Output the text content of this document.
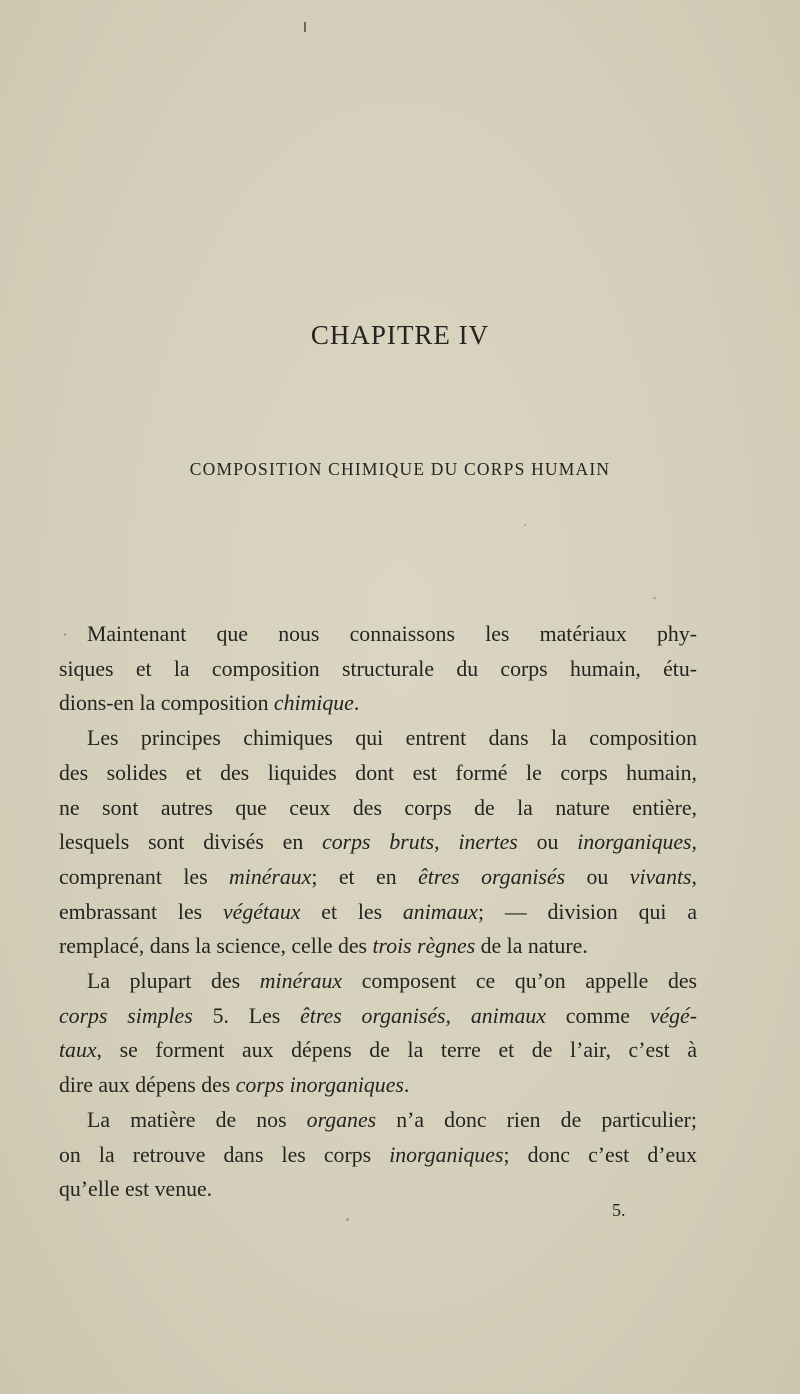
CHAPITRE IV
COMPOSITION CHIMIQUE DU CORPS HUMAIN
Maintenant que nous connaissons les matériaux phy-
siques et la composition structurale du corps humain, étu-
dions-en la composition chimique.
Les principes chimiques qui entrent dans la composition
des solides et des liquides dont est formé le corps humain,
ne sont autres que ceux des corps de la nature entière,
lesquels sont divisés en corps bruts, inertes ou inorganiques,
comprenant les minéraux; et en êtres organisés ou vivants,
embrassant les végétaux et les animaux; — division qui a
remplacé, dans la science, celle des trois règnes de la nature.
La plupart des minéraux composent ce qu’on appelle des
corps simples 5. Les êtres organisés, animaux comme végé-
taux, se forment aux dépens de la terre et de l’air, c’est à
dire aux dépens des corps inorganiques.
La matière de nos organes n’a donc rien de particulier;
on la retrouve dans les corps inorganiques; donc c’est d’eux
qu’elle est venue.
5.
